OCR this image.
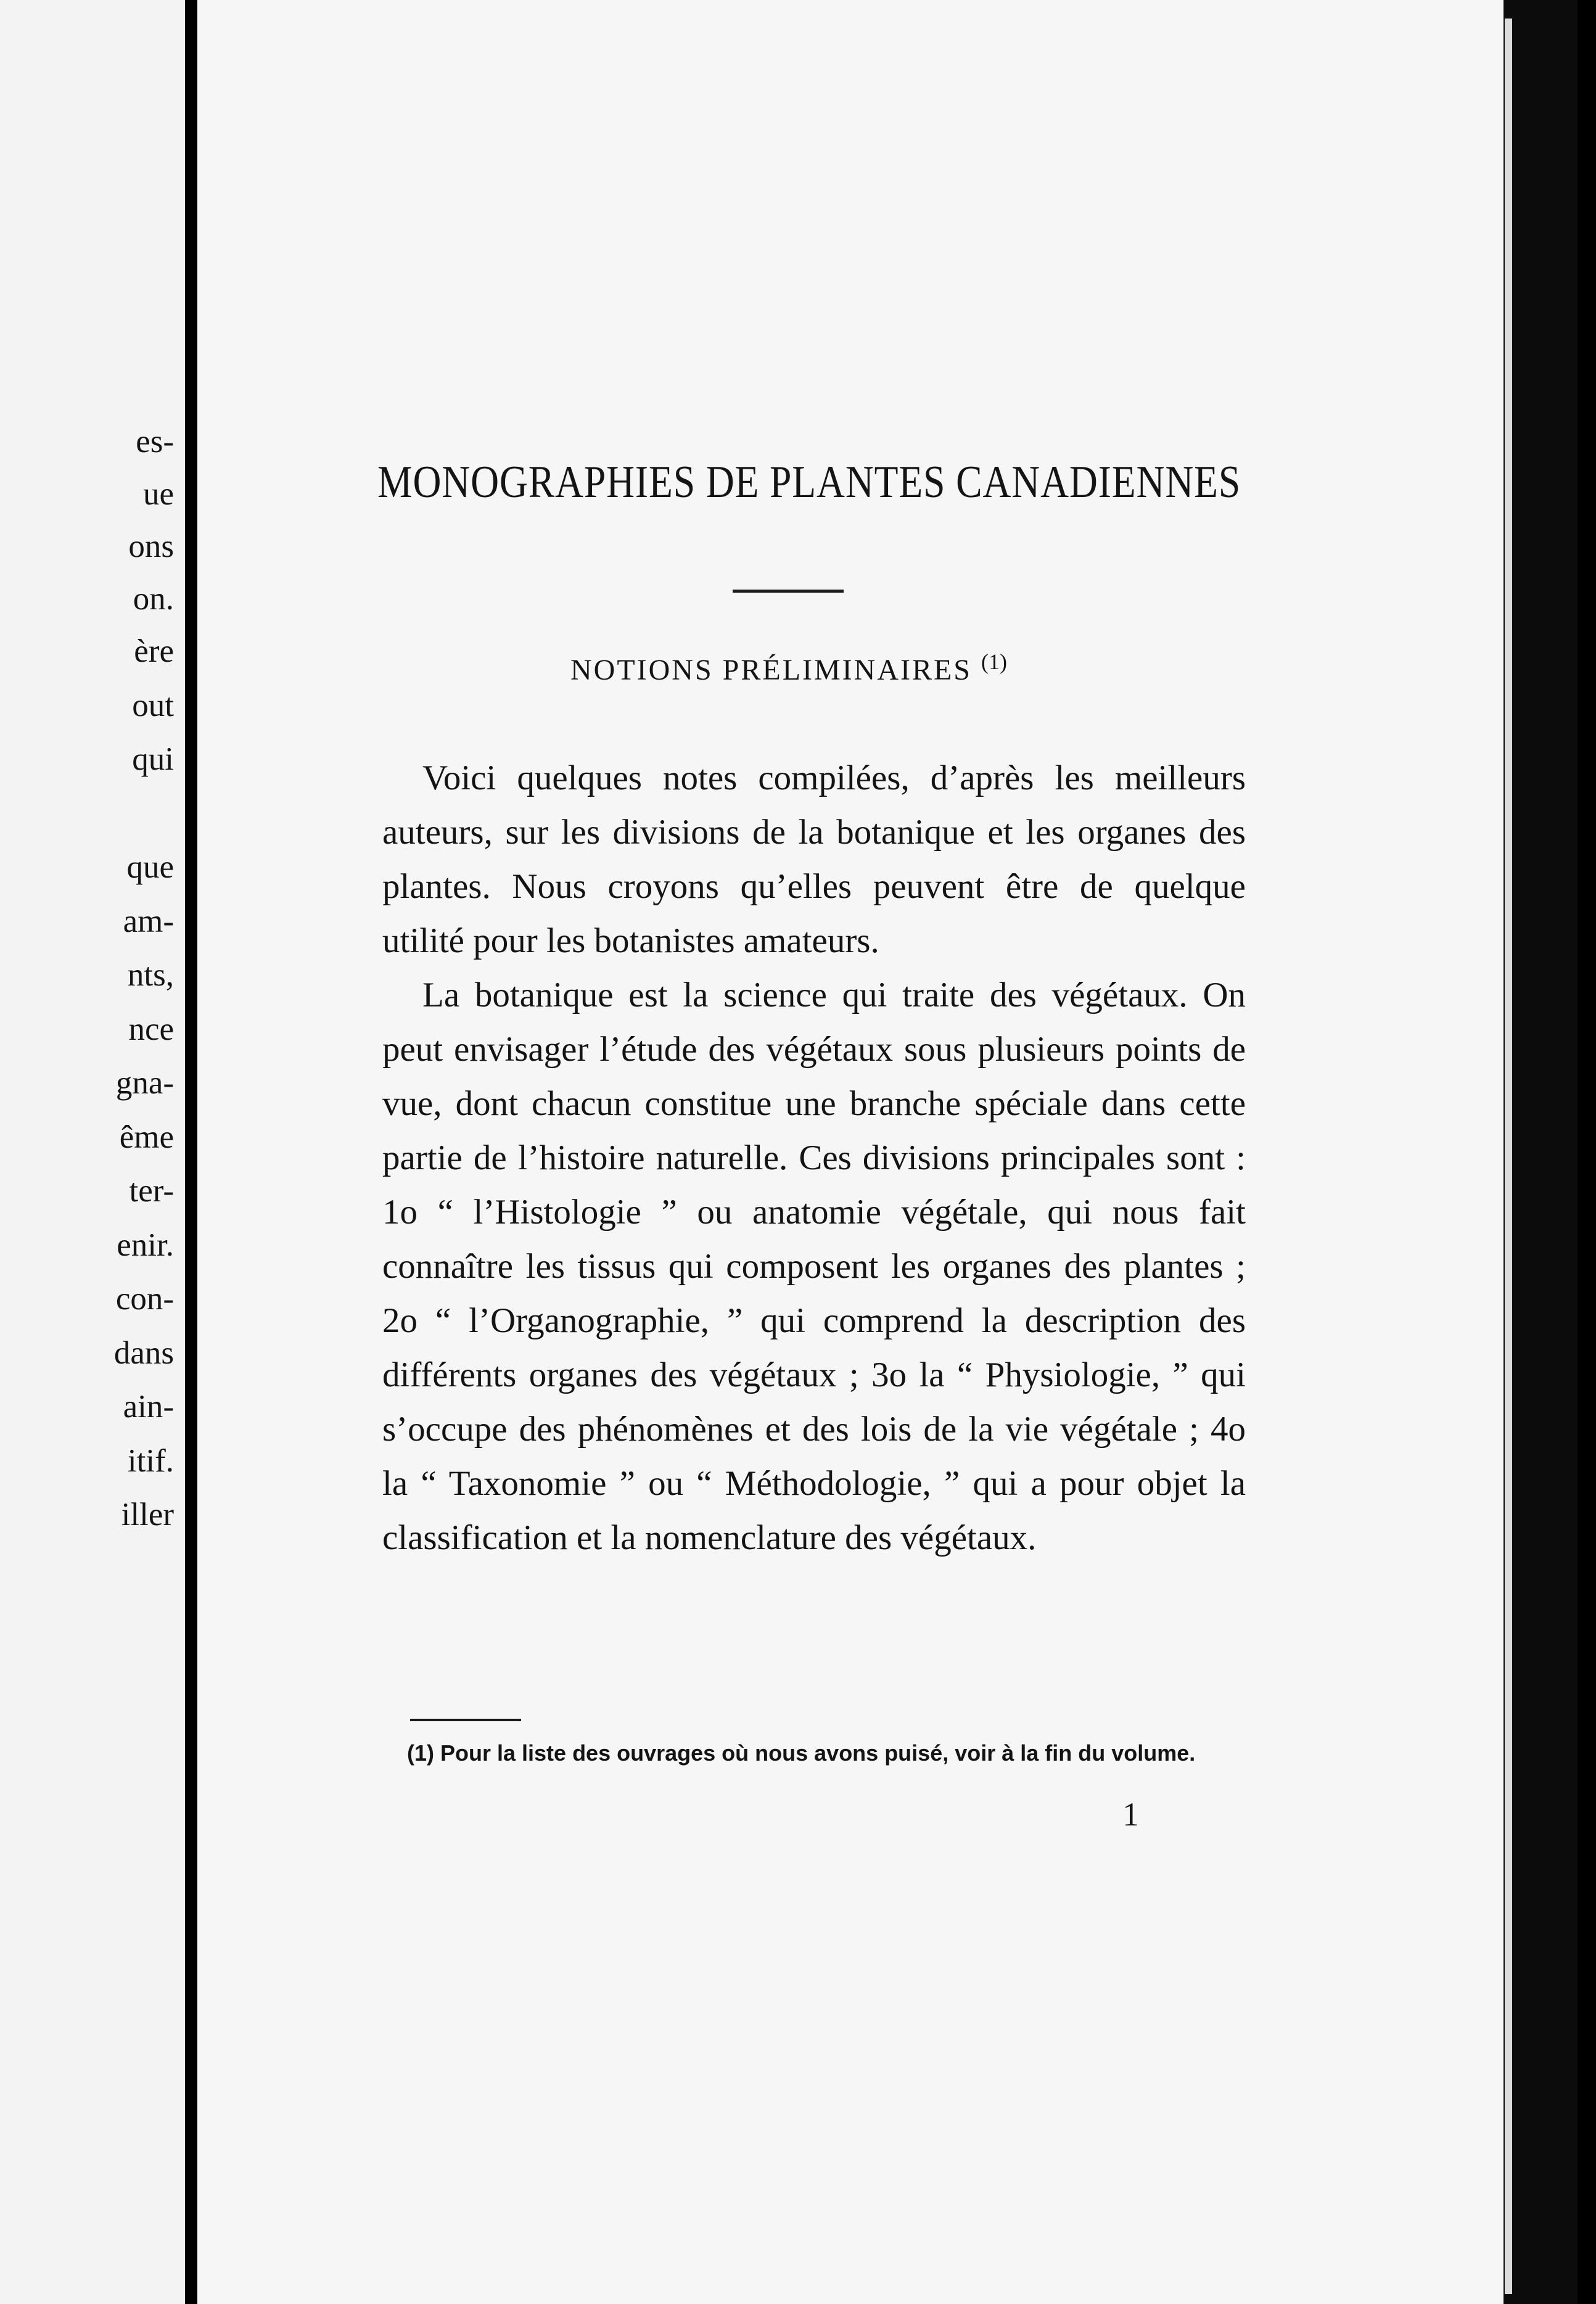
es-

ue

ons

on.

ère

out

qui

que

am-

nts,

nce

gna-

ême

ter-

enir.

con-

dans

ain-

itif.

iller

MONOGRAPHIES DE PLANTES CANADIENNES
NOTIONS PRÉLIMINAIRES $^{(1)}$

Voici quelques notes compilées, d’après les meilleurs auteurs, sur les divisions de la botanique et les organes des plantes. Nous croyons qu’elles peuvent être de quelque utilité pour les botanistes amateurs.

La botanique est la science qui traite des végétaux. On peut envisager l’étude des végétaux sous plusieurs points de vue, dont chacun constitue une branche spéciale dans cette partie de l’histoire naturelle. Ces divisions principales sont : 1o “ l’Histologie ” ou anatomie végétale, qui nous fait connaître les tissus qui composent les organes des plantes ; 2o “ l’Organographie, ” qui comprend la description des différents organes des végétaux ; 3o la “ Physiologie, ” qui s’occupe des phénomènes et des lois de la vie végétale ; 4o la “ Taxonomie ” ou “ Méthodologie, ” qui a pour objet la classification et la nomenclature des végétaux.

(1) Pour la liste des ouvrages où nous avons puisé, voir à la fin du volume.

1
